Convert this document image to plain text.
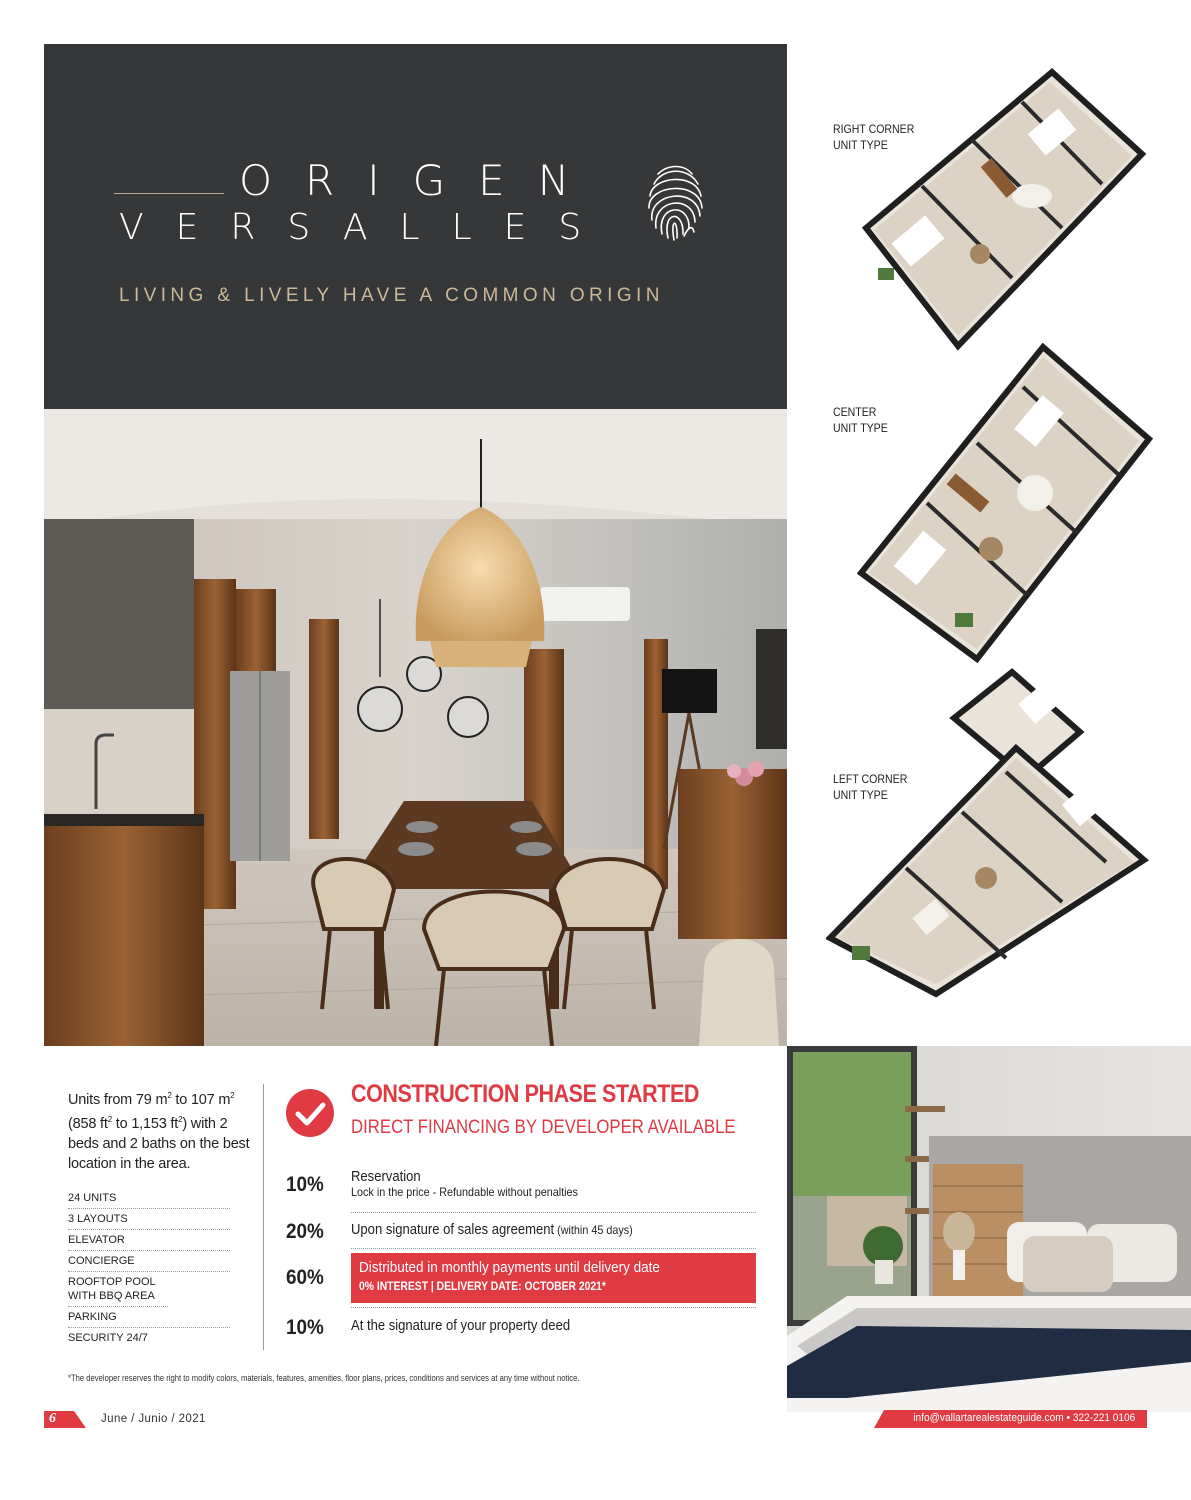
ORIGEN
VERSALLES
LIVING & LIVELY HAVE A COMMON ORIGIN
RIGHT CORNER
UNIT TYPE
CENTER
UNIT TYPE
LEFT CORNER
UNIT TYPE
Units from 79 $m^2$ to 107 $m^2$ (858 $ft^2$ to 1,153 $ft^2$) with 2 beds and 2 baths on the best location in the area.
24 UNITS
3 LAYOUTS
ELEVATOR
CONCIERGE
ROOFTOP POOL WITH BBQ AREA
PARKING
SECURITY 24/7
CONSTRUCTION PHASE STARTED
DIRECT FINANCING BY DEVELOPER AVAILABLE
10% Reservation
Lock in the price - Refundable without penalties
20% Upon signature of sales agreement (within 45 days)
60% Distributed in monthly payments until delivery date
0% INTEREST | DELIVERY DATE: OCTOBER 2021*
10% At the signature of your property deed
*The developer reserves the right to modify colors, materials, features, amenities, floor plans, prices, conditions and services at any time without notice.
6	June / Junio / 2021	info@vallartarealestateguide.com • 322-221 0106
